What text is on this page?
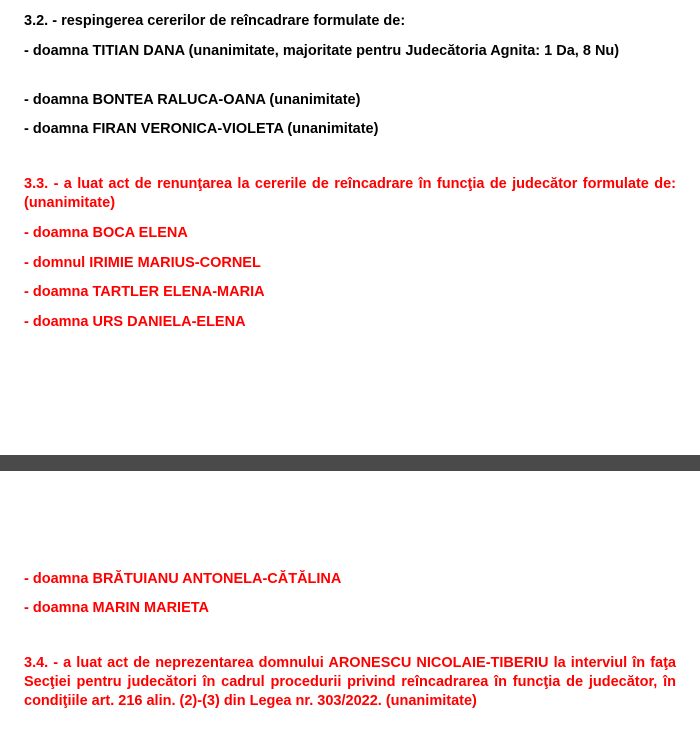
3.2. - respingerea cererilor de reîncadrare formulate de:
- doamna TITIAN DANA (unanimitate, majoritate pentru Judecătoria Agnita: 1 Da, 8 Nu)
- doamna BONTEA RALUCA-OANA (unanimitate)
- doamna FIRAN VERONICA-VIOLETA (unanimitate)
3.3. - a luat act de renunţarea la cererile de reîncadrare în funcţia de judecător formulate de: (unanimitate)
- doamna BOCA ELENA
- domnul IRIMIE MARIUS-CORNEL
- doamna TARTLER ELENA-MARIA
- doamna URS DANIELA-ELENA
- doamna BRĂTUIANU ANTONELA-CĂTĂLINA
- doamna MARIN MARIETA
3.4. - a luat act de neprezentarea domnului ARONESCU NICOLAIE-TIBERIU la interviul în faţa Secţiei pentru judecători în cadrul procedurii privind reîncadrarea în funcţia de judecător, în condiţiile art. 216 alin. (2)-(3) din Legea nr. 303/2022. (unanimitate)
